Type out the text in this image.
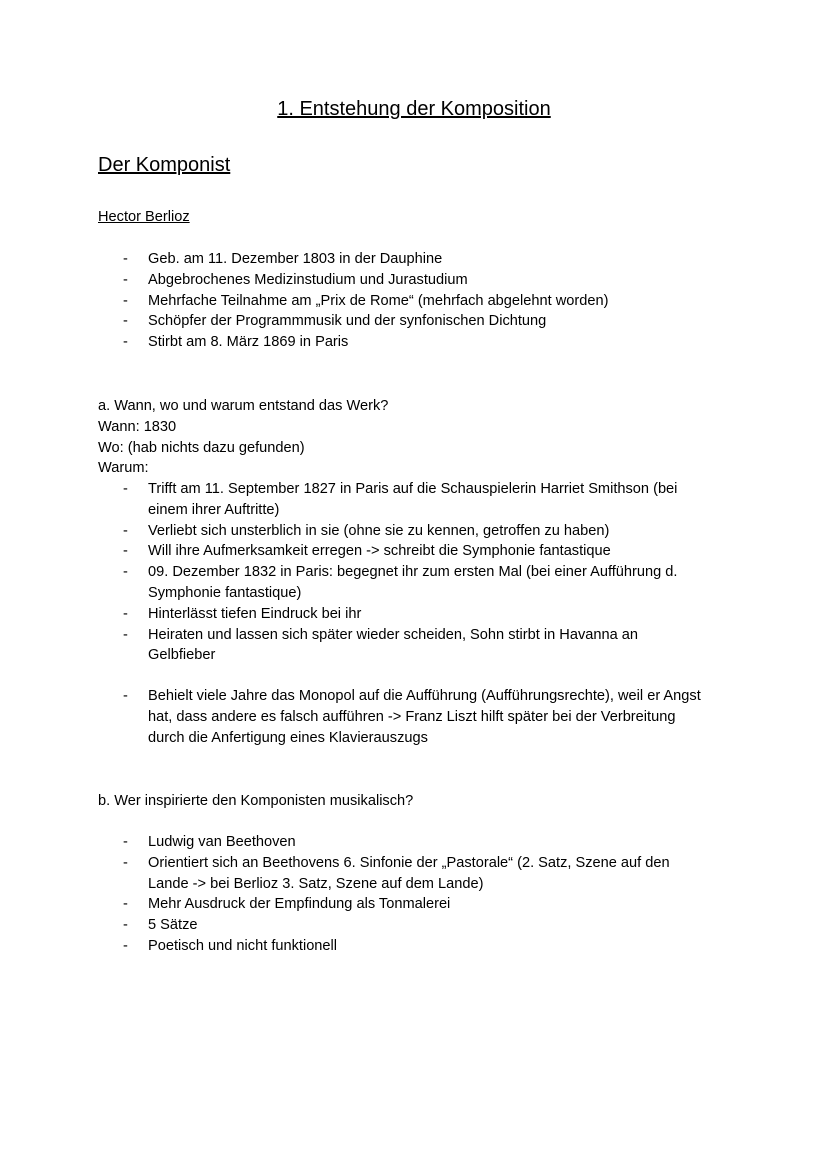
1. Entstehung der Komposition
Der Komponist
Hector Berlioz
- Geb. am 11. Dezember 1803 in der Dauphine
- Abgebrochenes Medizinstudium und Jurastudium
- Mehrfache Teilnahme am „Prix de Rome“ (mehrfach abgelehnt worden)
- Schöpfer der Programmmusik und der synfonischen Dichtung
- Stirbt am 8. März 1869 in Paris
a. Wann, wo und warum entstand das Werk?
Wann: 1830
Wo: (hab nichts dazu gefunden)
Warum:
- Trifft am 11. September 1827 in Paris auf die Schauspielerin Harriet Smithson (bei einem ihrer Auftritte)
- Verliebt sich unsterblich in sie (ohne sie zu kennen, getroffen zu haben)
- Will ihre Aufmerksamkeit erregen -> schreibt die Symphonie fantastique
- 09. Dezember 1832 in Paris: begegnet ihr zum ersten Mal (bei einer Aufführung d. Symphonie fantastique)
- Hinterlässt tiefen Eindruck bei ihr
- Heiraten und lassen sich später wieder scheiden, Sohn stirbt in Havanna an Gelbfieber
- Behielt viele Jahre das Monopol auf die Aufführung (Aufführungsrechte), weil er Angst hat, dass andere es falsch aufführen -> Franz Liszt hilft später bei der Verbreitung durch die Anfertigung eines Klavierauszugs
b. Wer inspirierte den Komponisten musikalisch?
- Ludwig van Beethoven
- Orientiert sich an Beethovens 6. Sinfonie der „Pastorale“ (2. Satz, Szene auf den Lande -> bei Berlioz 3. Satz, Szene auf dem Lande)
- Mehr Ausdruck der Empfindung als Tonmalerei
- 5 Sätze
- Poetisch und nicht funktionell
